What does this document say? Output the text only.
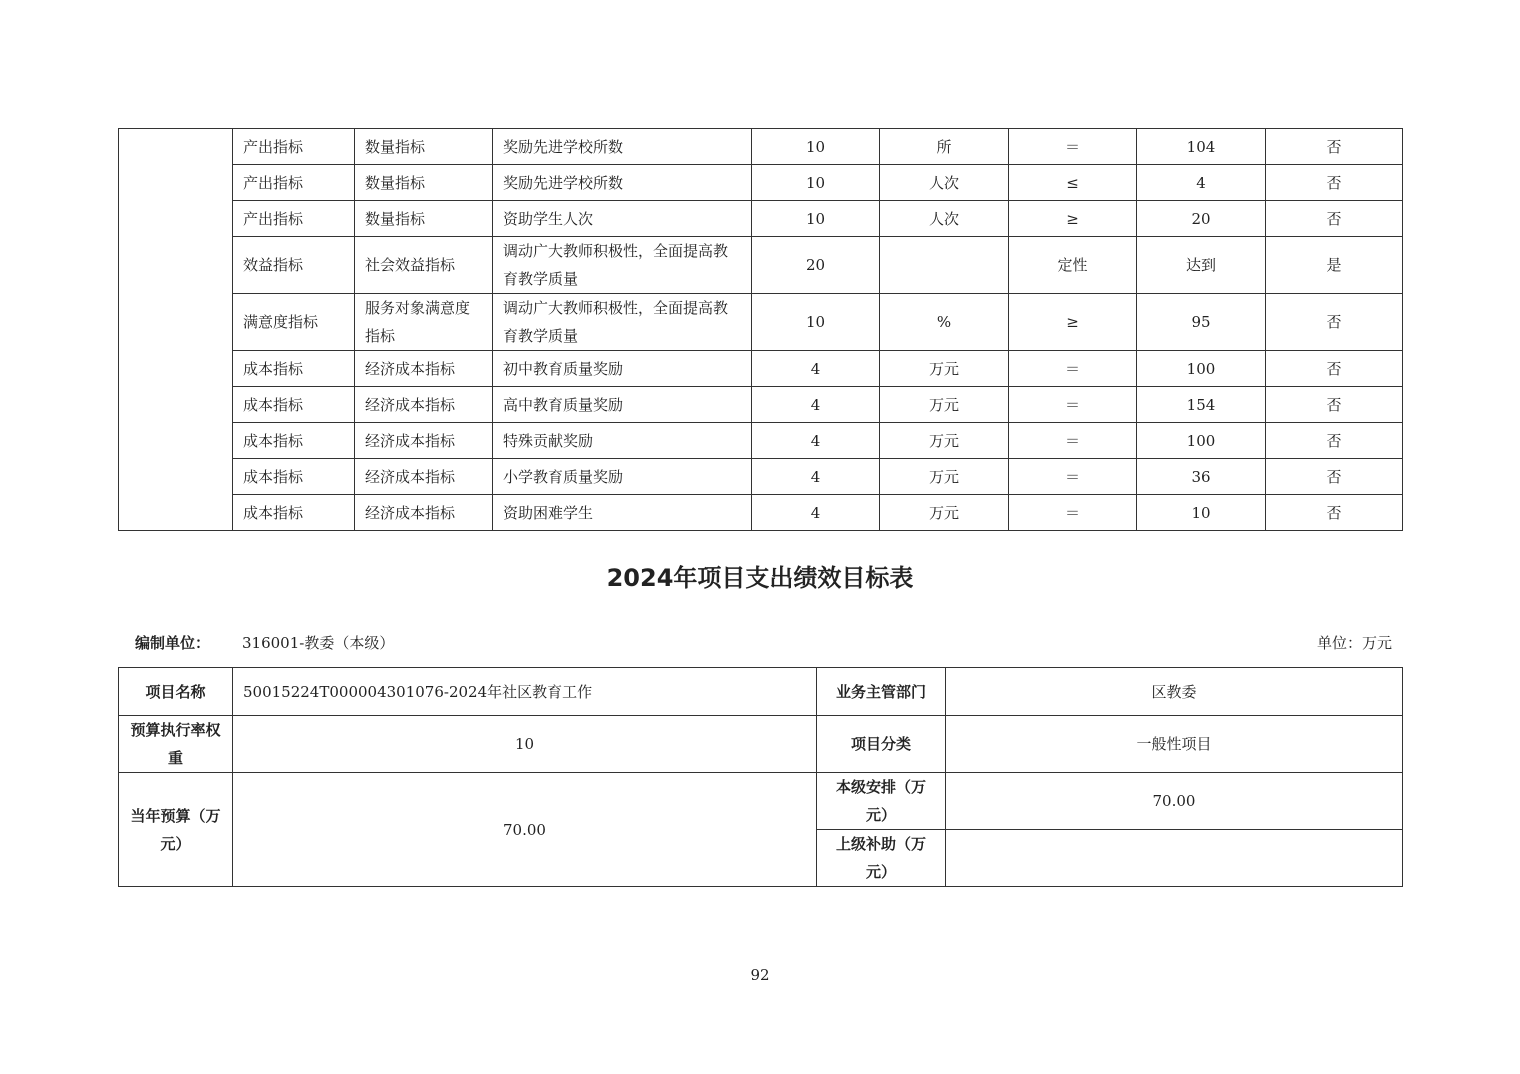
	产出指标	数量指标	奖励先进学校所数	10	所	＝	104	否
	产出指标	数量指标	奖励先进学校所数	10	人次	≤	4	否
	产出指标	数量指标	资助学生人次	10	人次	≥	20	否
	效益指标	社会效益指标	调动广大教师积极性，全面提高教育教学质量	20		定性	达到	是
	满意度指标	服务对象满意度指标	调动广大教师积极性，全面提高教育教学质量	10	%	≥	95	否
	成本指标	经济成本指标	初中教育质量奖励	4	万元	＝	100	否
	成本指标	经济成本指标	高中教育质量奖励	4	万元	＝	154	否
	成本指标	经济成本指标	特殊贡献奖励	4	万元	＝	100	否
	成本指标	经济成本指标	小学教育质量奖励	4	万元	＝	36	否
	成本指标	经济成本指标	资助困难学生	4	万元	＝	10	否
2024年项目支出绩效目标表
编制单位： 316001-教委（本级）	单位：万元
项目名称	50015224T000004301076-2024年社区教育工作	业务主管部门	区教委
预算执行率权重	10	项目分类	一般性项目
当年预算（万元）	70.00	本级安排（万元）	70.00
		上级补助（万元）	
92
